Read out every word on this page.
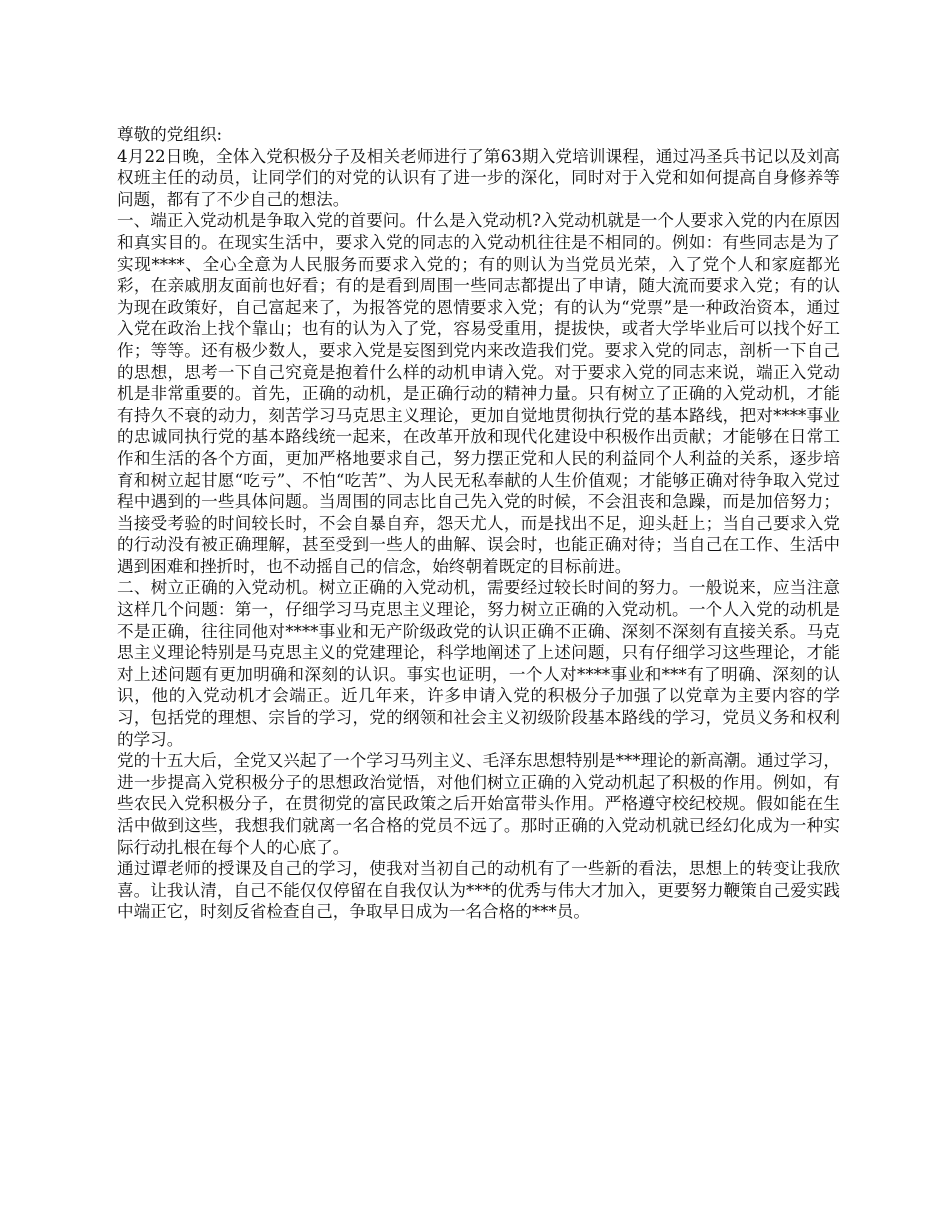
尊敬的党组织:

4月22日晚，全体入党积极分子及相关老师进行了第63期入党培训课程，通过冯圣兵书记以及刘高权班主任的动员，让同学们的对党的认识有了进一步的深化，同时对于入党和如何提高自身修养等问题，都有了不少自己的想法。

一、端正入党动机是争取入党的首要问。什么是入党动机?入党动机就是一个人要求入党的内在原因和真实目的。在现实生活中，要求入党的同志的入党动机往往是不相同的。例如：有些同志是为了实现****、全心全意为人民服务而要求入党的；有的则认为当党员光荣，入了党个人和家庭都光彩，在亲戚朋友面前也好看；有的是看到周围一些同志都提出了申请，随大流而要求入党；有的认为现在政策好，自己富起来了，为报答党的恩情要求入党；有的认为“党票”是一种政治资本，通过入党在政治上找个靠山；也有的认为入了党，容易受重用，提拔快，或者大学毕业后可以找个好工作；等等。还有极少数人，要求入党是妄图到党内来改造我们党。要求入党的同志，剖析一下自己的思想，思考一下自己究竟是抱着什么样的动机申请入党。对于要求入党的同志来说，端正入党动机是非常重要的。首先，正确的动机，是正确行动的精神力量。只有树立了正确的入党动机，才能有持久不衰的动力，刻苦学习马克思主义理论，更加自觉地贯彻执行党的基本路线，把对****事业的忠诚同执行党的基本路线统一起来，在改革开放和现代化建设中积极作出贡献；才能够在日常工作和生活的各个方面，更加严格地要求自己，努力摆正党和人民的利益同个人利益的关系，逐步培育和树立起甘愿“吃亏”、不怕“吃苦”、为人民无私奉献的人生价值观；才能够正确对待争取入党过程中遇到的一些具体问题。当周围的同志比自己先入党的时候，不会沮丧和急躁，而是加倍努力；当接受考验的时间较长时，不会自暴自弃，怨天尤人，而是找出不足，迎头赶上；当自己要求入党的行动没有被正确理解，甚至受到一些人的曲解、误会时，也能正确对待；当自己在工作、生活中遇到困难和挫折时，也不动摇自己的信念，始终朝着既定的目标前进。

二、树立正确的入党动机。树立正确的入党动机，需要经过较长时间的努力。一般说来，应当注意这样几个问题：第一，仔细学习马克思主义理论，努力树立正确的入党动机。一个人入党的动机是不是正确，往往同他对****事业和无产阶级政党的认识正确不正确、深刻不深刻有直接关系。马克思主义理论特别是马克思主义的党建理论，科学地阐述了上述问题，只有仔细学习这些理论，才能对上述问题有更加明确和深刻的认识。事实也证明，一个人对****事业和***有了明确、深刻的认识，他的入党动机才会端正。近几年来，许多申请入党的积极分子加强了以党章为主要内容的学习，包括党的理想、宗旨的学习，党的纲领和社会主义初级阶段基本路线的学习，党员义务和权利的学习。

党的十五大后，全党又兴起了一个学习马列主义、毛泽东思想特别是***理论的新高潮。通过学习，进一步提高入党积极分子的思想政治觉悟，对他们树立正确的入党动机起了积极的作用。例如，有些农民入党积极分子，在贯彻党的富民政策之后开始富带头作用。严格遵守校纪校规。假如能在生活中做到这些，我想我们就离一名合格的党员不远了。那时正确的入党动机就已经幻化成为一种实际行动扎根在每个人的心底了。

通过谭老师的授课及自己的学习，使我对当初自己的动机有了一些新的看法，思想上的转变让我欣喜。让我认清，自己不能仅仅停留在自我仅认为***的优秀与伟大才加入，更要努力鞭策自己爱实践中端正它，时刻反省检查自己，争取早日成为一名合格的***员。
